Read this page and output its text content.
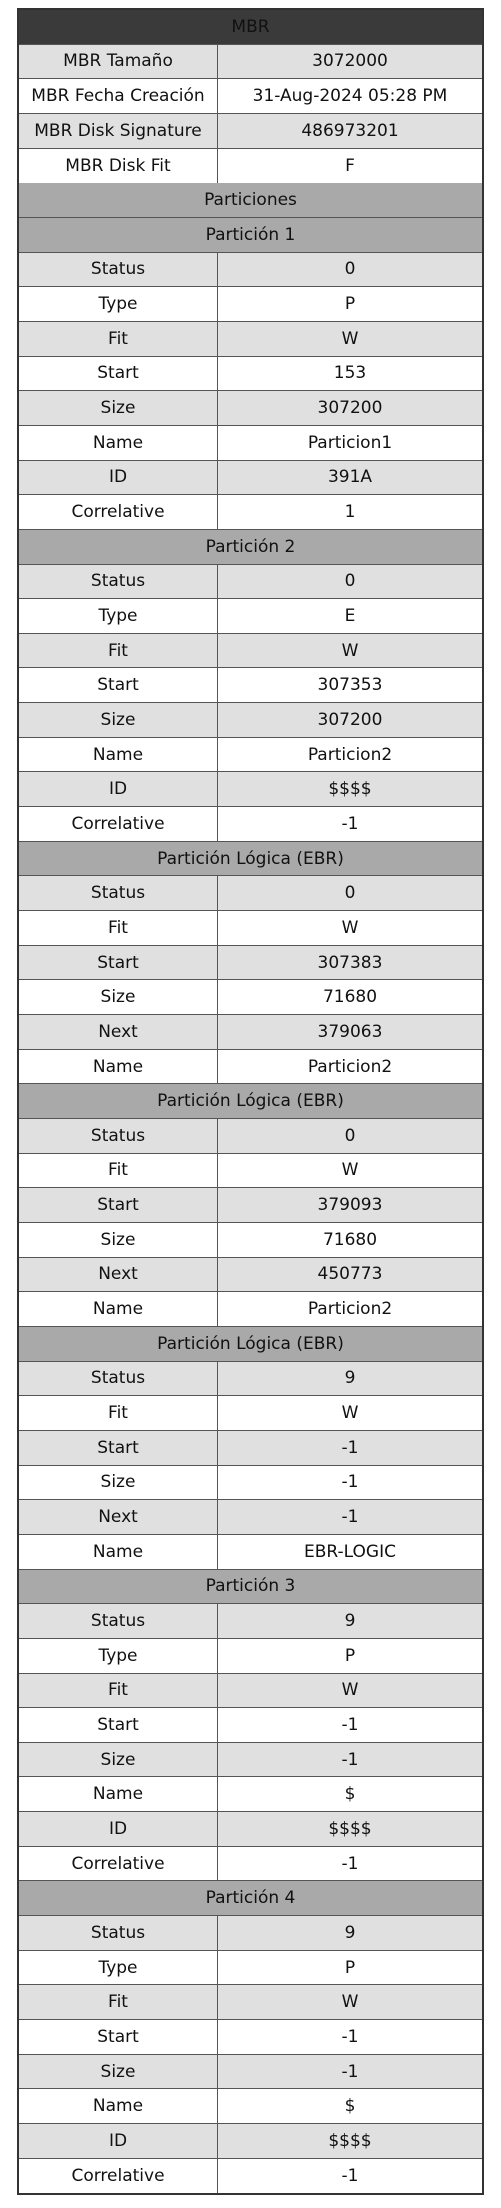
MBR
MBR Tamaño	3072000
MBR Fecha Creación	31-Aug-2024 05:28 PM
MBR Disk Signature	486973201
MBR Disk Fit	F
Particiones
Partición 1
Status	0
Type	P
Fit	W
Start	153
Size	307200
Name	Particion1
ID	391A
Correlative	1
Partición 2
Status	0
Type	E
Fit	W
Start	307353
Size	307200
Name	Particion2
ID	$$$$
Correlative	-1
Partición Lógica (EBR)
Status	0
Fit	W
Start	307383
Size	71680
Next	379063
Name	Particion2
Partición Lógica (EBR)
Status	0
Fit	W
Start	379093
Size	71680
Next	450773
Name	Particion2
Partición Lógica (EBR)
Status	9
Fit	W
Start	-1
Size	-1
Next	-1
Name	EBR-LOGIC
Partición 3
Status	9
Type	P
Fit	W
Start	-1
Size	-1
Name	$
ID	$$$$
Correlative	-1
Partición 4
Status	9
Type	P
Fit	W
Start	-1
Size	-1
Name	$
ID	$$$$
Correlative	-1
